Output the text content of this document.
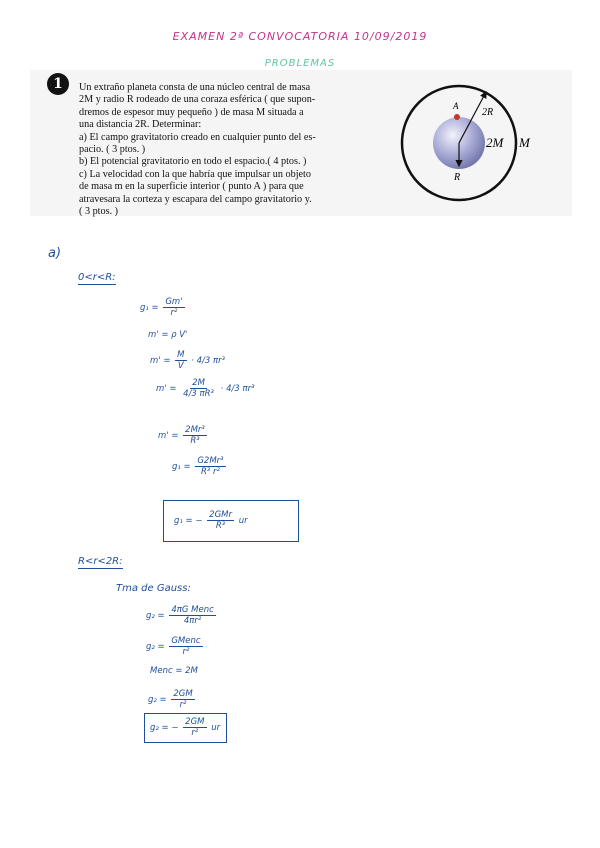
EXAMEN 2ª CONVOCATORIA 10/09/2019
PROBLEMAS
1	Un extraño planeta consta de una núcleo central de masa

2M y radio R rodeado de una coraza esférica ( que supon-

dremos de espesor muy pequeño ) de masa M situada a

una distancia 2R. Determinar:

a) El campo gravitatorio creado en cualquier punto del es-

pacio. ( 3 ptos. )

b) El potencial gravitatorio en todo el espacio.( 4 ptos. )

c) La velocidad con la que habría que impulsar un objeto

de masa m en la superficie interior ( punto A ) para que

atravesara la corteza y escapara del campo gravitatorio y.

( 3 ptos. )

A
2R
2M M
R
a)
0<r<R:
$g_1 = \frac{Gm'}{\text{r²}}$
m' = ρ V'
$m' = \frac{M}{V} \cdot 4/3$ πr³
$m' = \frac{2M}{\text{4/3 πR³}} \cdot 4/3$ πr³
$m' = \frac{\text{2Mr³}}{\text{R³}}$
$g_1 = \frac{\text{G2Mr³}}{\text{R³ r²}}$
g₁ = − $\frac{\text{2GMr}}{\text{R³}}$ ur
R<r<2R:
Tma de Gauss:
$g_2 = \frac{\text{4πG Menc}}{\text{4πr²}}$
$g_2 = \frac{\text{GMenc}}{\text{r²}}$
Menc = 2M
$g_2 = \frac{2GM}{\text{r²}}$
g₂ = − $\frac{2GM}{\text{r²}}$ ur
